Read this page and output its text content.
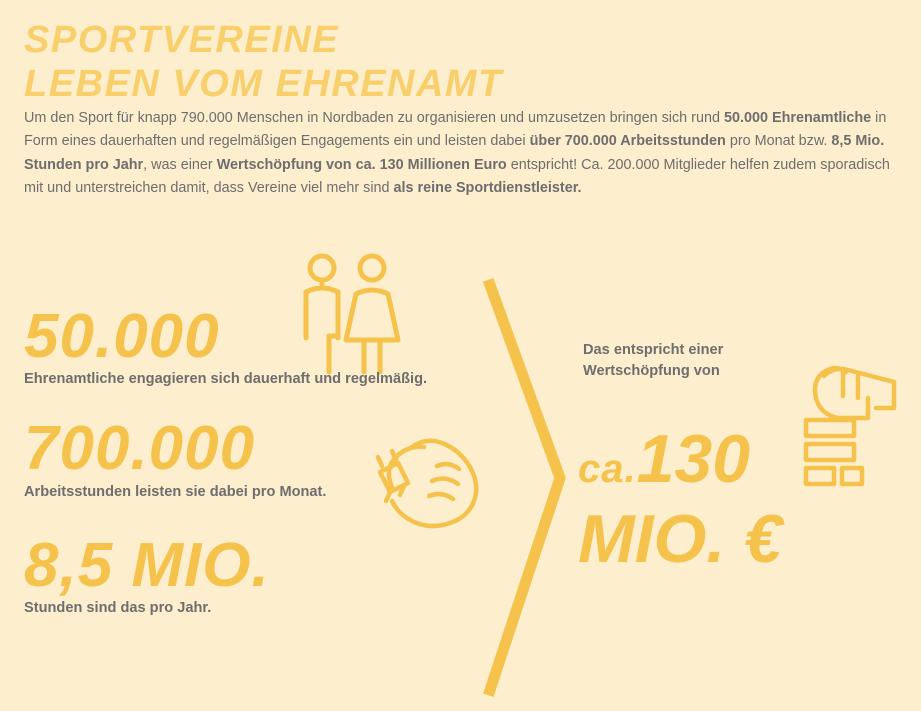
SPORTVEREINE
LEBEN VOM EHRENAMT
Um den Sport für knapp 790.000 Menschen in Nordbaden zu organisieren und umzusetzen bringen sich rund 50.000 Ehrenamtliche in Form eines dauerhaften und regelmäßigen Engagements ein und leisten dabei über 700.000 Arbeitsstunden pro Monat bzw. 8,5 Mio. Stunden pro Jahr, was einer Wertschöpfung von ca. 130 Millionen Euro entspricht! Ca. 200.000 Mitglieder helfen zudem sporadisch mit und unterstreichen damit, dass Vereine viel mehr sind als reine Sportdienstleister.
50.000
Ehrenamtliche engagieren sich dauerhaft und regelmäßig.
700.000
Arbeitsstunden leisten sie dabei pro Monat.
8,5 MIO.
Stunden sind das pro Jahr.
Das entspricht einer
Wertschöpfung von
ca.130
MIO. €
